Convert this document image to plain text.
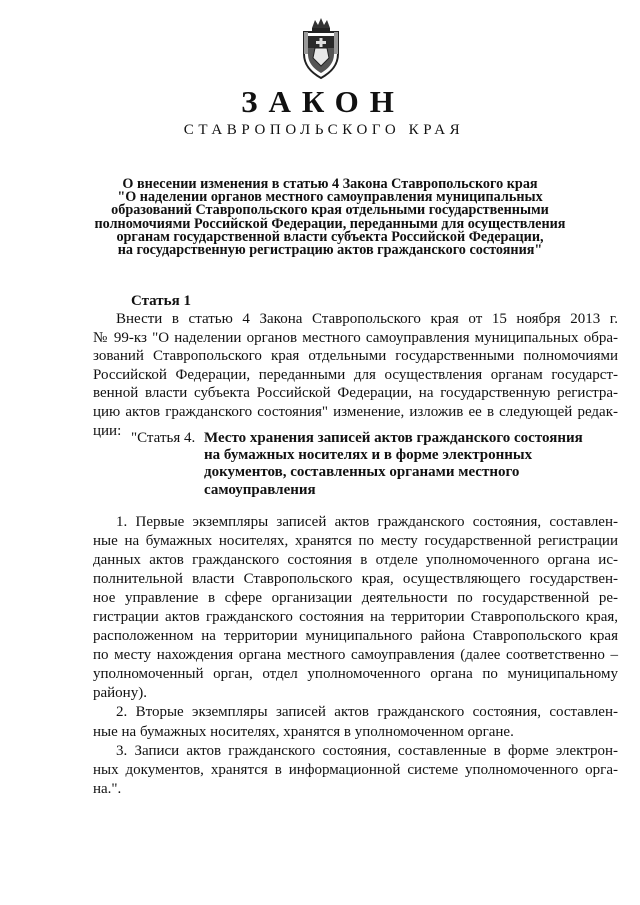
ЗАКОН
СТАВРОПОЛЬСКОГО КРАЯ
О внесении изменения в статью 4 Закона Ставропольского края
"О наделении органов местного самоуправления муниципальных
образований Ставропольского края отдельными государственными
полномочиями Российской Федерации, переданными для осуществления
органам государственной власти субъекта Российской Федерации,
на государственную регистрацию актов гражданского состояния"
Статья 1
Внести в статью 4 Закона Ставропольского края от 15 ноября 2013 г.
№ 99-кз "О наделении органов местного самоуправления муниципальных обра-
зований Ставропольского края отдельными государственными полномочиями
Российской Федерации, переданными для осуществления органам государст-
венной власти субъекта Российской Федерации, на государственную регистра-
цию актов гражданского состояния" изменение, изложив ее в следующей редак-
ции: "Статья 4. Место хранения записей актов гражданского состояния
на бумажных носителях и в форме электронных
документов, составленных органами местного
самоуправления
1. Первые экземпляры записей актов гражданского состояния, составлен-
ные на бумажных носителях, хранятся по месту государственной регистрации
данных актов гражданского состояния в отделе уполномоченного органа ис-
полнительной власти Ставропольского края, осуществляющего государствен-
ное управление в сфере организации деятельности по государственной ре-
гистрации актов гражданского состояния на территории Ставропольского края,
расположенном на территории муниципального района Ставропольского края
по месту нахождения органа местного самоуправления (далее соответственно –
уполномоченный орган, отдел уполномоченного органа по муниципальному
району).
2. Вторые экземпляры записей актов гражданского состояния, составлен-
ные на бумажных носителях, хранятся в уполномоченном органе.
3. Записи актов гражданского состояния, составленные в форме электрон-
ных документов, хранятся в информационной системе уполномоченного орга-
на.".
